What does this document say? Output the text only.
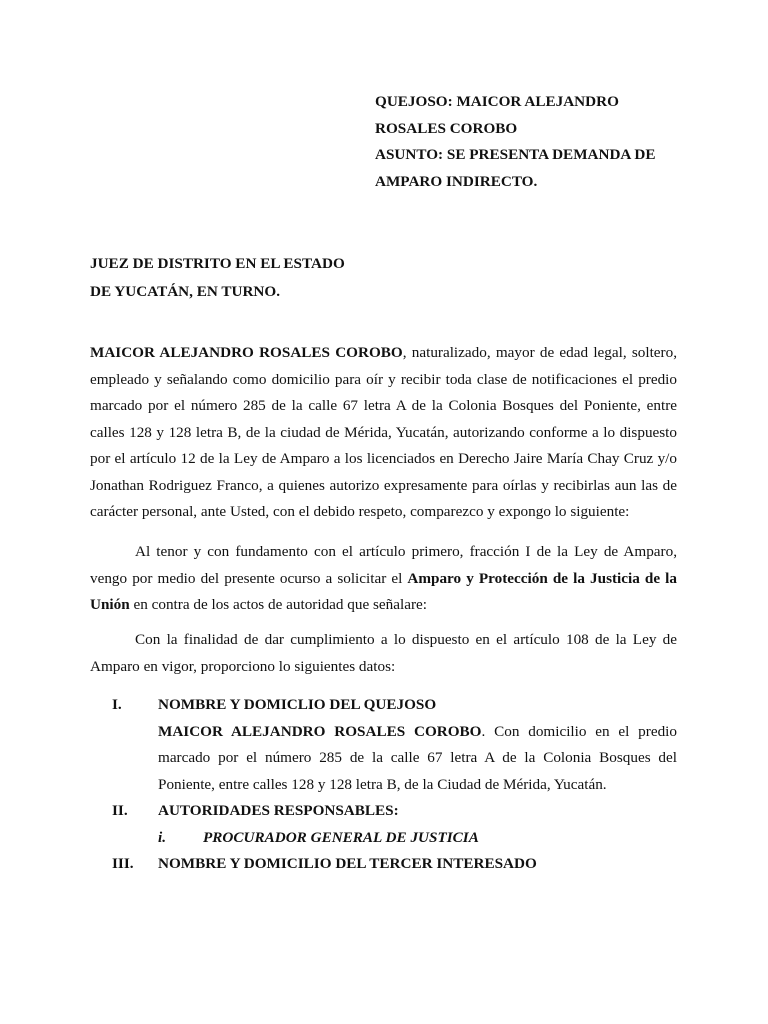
QUEJOSO: MAICOR ALEJANDRO
ROSALES COROBO
ASUNTO: SE PRESENTA DEMANDA DE
AMPARO INDIRECTO.
JUEZ DE DISTRITO EN EL ESTADO
DE YUCATÁN, EN TURNO.
MAICOR ALEJANDRO ROSALES COROBO, naturalizado, mayor de edad legal, soltero, empleado y señalando como domicilio para oír y recibir toda clase de notificaciones el predio marcado por el número 285 de la calle 67 letra A de la Colonia Bosques del Poniente, entre calles 128 y 128 letra B, de la ciudad de Mérida, Yucatán, autorizando conforme a lo dispuesto por el artículo 12 de la Ley de Amparo a los licenciados en Derecho Jaire María Chay Cruz y/o Jonathan Rodriguez Franco, a quienes autorizo expresamente para oírlas y recibirlas aun las de carácter personal, ante Usted, con el debido respeto, comparezco y expongo lo siguiente:
Al tenor y con fundamento con el artículo primero, fracción I de la Ley de Amparo, vengo por medio del presente ocurso a solicitar el Amparo y Protección de la Justicia de la Unión en contra de los actos de autoridad que señalare:
Con la finalidad de dar cumplimiento a lo dispuesto en el artículo 108 de la Ley de Amparo en vigor, proporciono lo siguientes datos:
I.	NOMBRE Y DOMICLIO DEL QUEJOSO
MAICOR ALEJANDRO ROSALES COROBO. Con domicilio en el predio marcado por el número 285 de la calle 67 letra A de la Colonia Bosques del Poniente, entre calles 128 y 128 letra B, de la Ciudad de Mérida, Yucatán.
II.	AUTORIDADES RESPONSABLES:
i.	PROCURADOR GENERAL DE JUSTICIA
III.	NOMBRE Y DOMICILIO DEL TERCER INTERESADO
